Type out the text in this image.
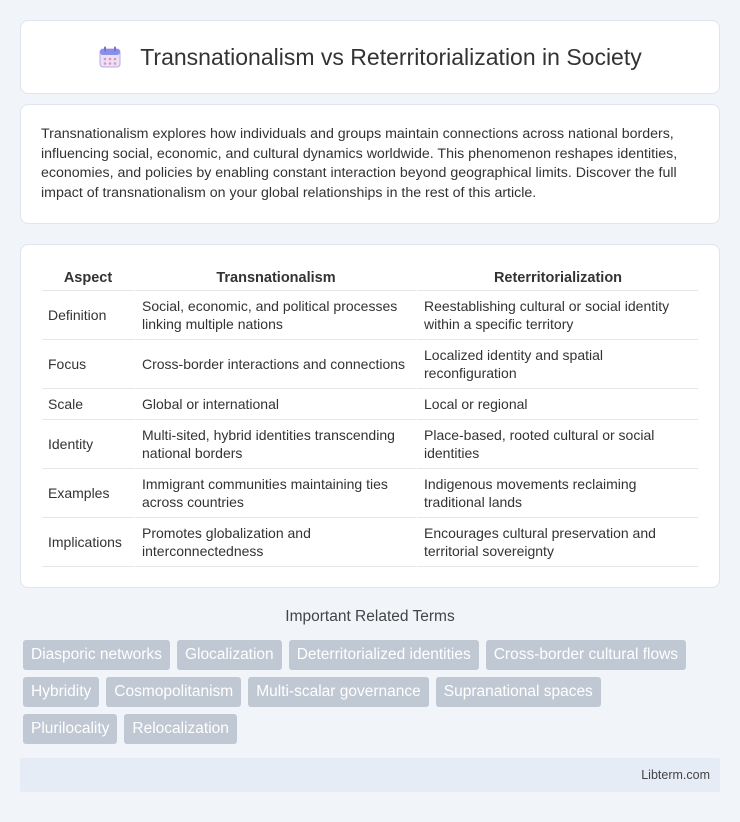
Transnationalism vs Reterritorialization in Society

Transnationalism explores how individuals and groups maintain connections across national borders, influencing social, economic, and cultural dynamics worldwide. This phenomenon reshapes identities, economies, and policies by enabling constant interaction beyond geographical limits. Discover the full impact of transnationalism on your global relationships in the rest of this article.

Aspect	Transnationalism	Reterritorialization
Definition	Social, economic, and political processes linking multiple nations	Reestablishing cultural or social identity within a specific territory
Focus	Cross-border interactions and connections	Localized identity and spatial reconfiguration
Scale	Global or international	Local or regional
Identity	Multi-sited, hybrid identities transcending national borders	Place-based, rooted cultural or social identities
Examples	Immigrant communities maintaining ties across countries	Indigenous movements reclaiming traditional lands
Implications	Promotes globalization and interconnectedness	Encourages cultural preservation and territorial sovereignty
Important Related Terms
Diasporic networks	Glocalization	Deterritorialized identities	Cross-border cultural flows
Hybridity	Cosmopolitanism	Multi-scalar governance	Supranational spaces
Plurilocality	Relocalization
Libterm.com
